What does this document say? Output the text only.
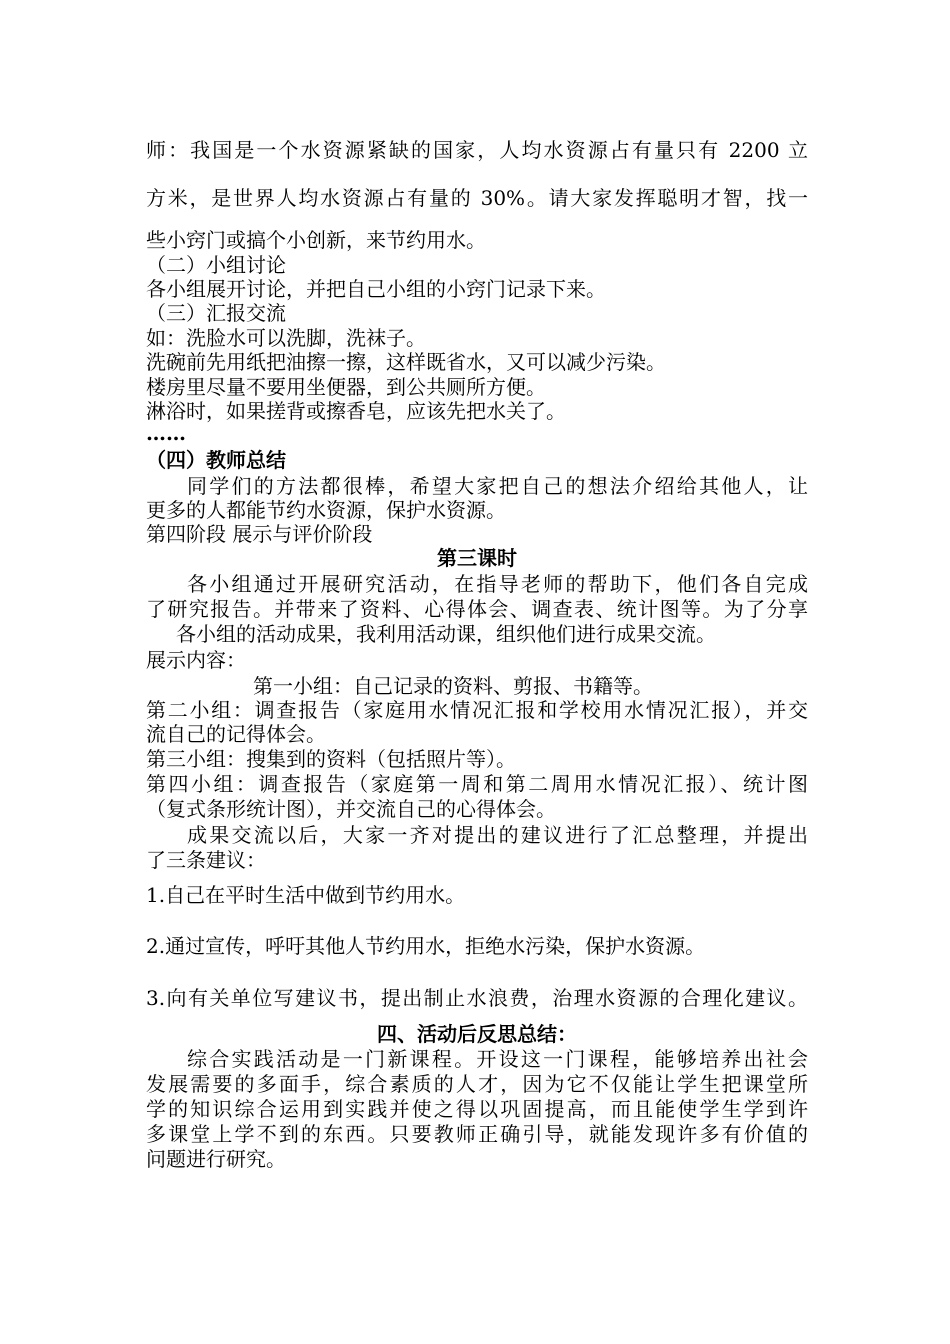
师：我国是一个水资源紧缺的国家，人均水资源占有量只有 2200 立
方米，是世界人均水资源占有量的 30%。请大家发挥聪明才智，找一
些小窍门或搞个小创新，来节约用水。
（二）小组讨论
各小组展开讨论，并把自己小组的小窍门记录下来。
（三）汇报交流
如：洗脸水可以洗脚，洗袜子。
洗碗前先用纸把油擦一擦，这样既省水，又可以减少污染。
楼房里尽量不要用坐便器，到公共厕所方便。
淋浴时，如果搓背或擦香皂，应该先把水关了。
……
（四）教师总结
同学们的方法都很棒，希望大家把自己的想法介绍给其他人，让
更多的人都能节约水资源，保护水资源。
第四阶段 展示与评价阶段
第三课时
各小组通过开展研究活动，在指导老师的帮助下，他们各自完成
了研究报告。并带来了资料、心得体会、调查表、统计图等。为了分享
各小组的活动成果，我利用活动课，组织他们进行成果交流。
展示内容：
第一小组：自己记录的资料、剪报、书籍等。
第二小组：调查报告（家庭用水情况汇报和学校用水情况汇报），并交
流自己的记得体会。
第三小组：搜集到的资料（包括照片等）。
第四小组：调查报告（家庭第一周和第二周用水情况汇报）、统计图
（复式条形统计图），并交流自己的心得体会。
成果交流以后，大家一齐对提出的建议进行了汇总整理，并提出
了三条建议：
1.自己在平时生活中做到节约用水。
2.通过宣传，呼吁其他人节约用水，拒绝水污染，保护水资源。
3.向有关单位写建议书，提出制止水浪费，治理水资源的合理化建议。
四、活动后反思总结：
综合实践活动是一门新课程。开设这一门课程，能够培养出社会
发展需要的多面手，综合素质的人才，因为它不仅能让学生把课堂所
学的知识综合运用到实践并使之得以巩固提高，而且能使学生学到许
多课堂上学不到的东西。只要教师正确引导，就能发现许多有价值的
问题进行研究。
